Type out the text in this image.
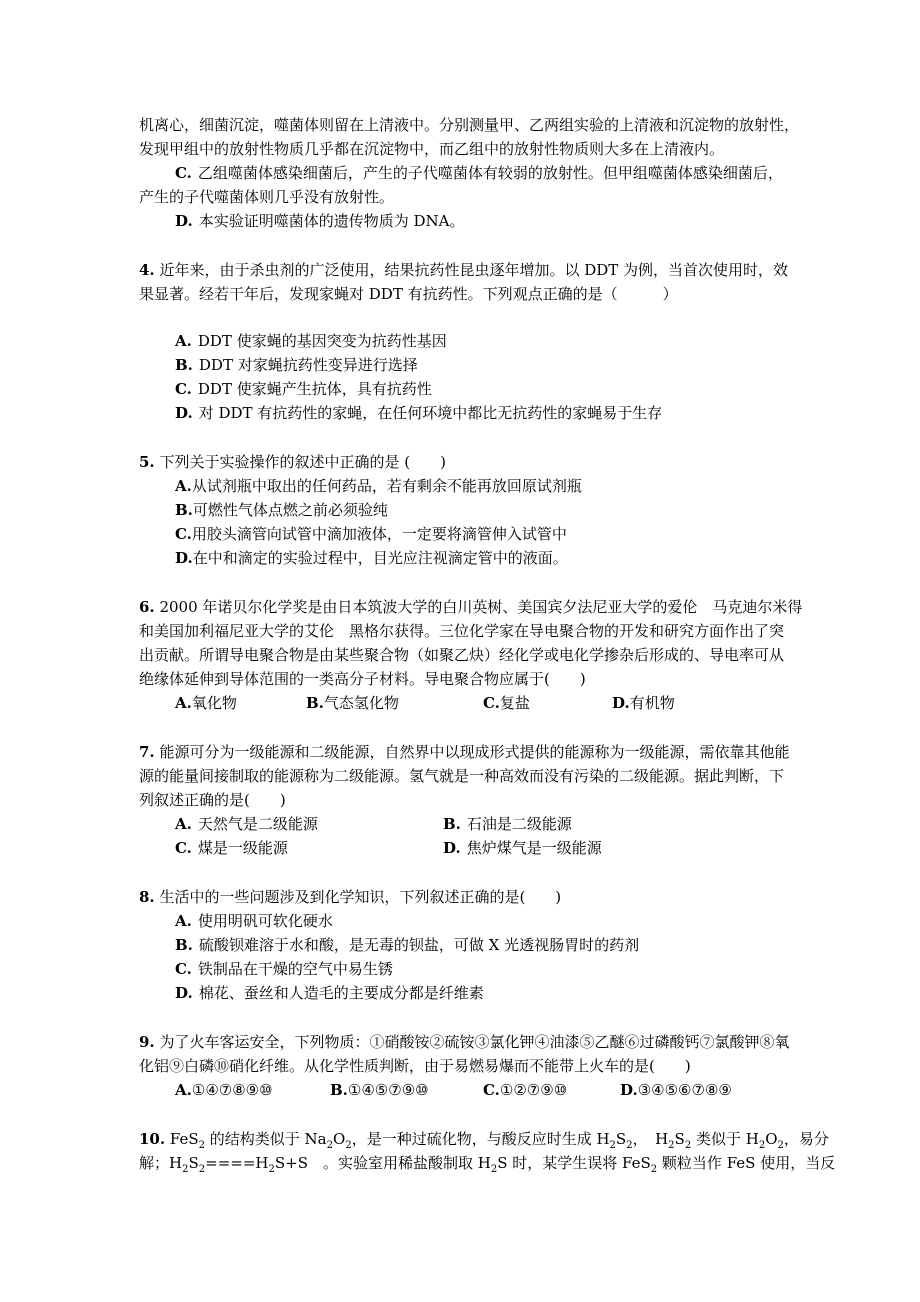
机离心，细菌沉淀，噬菌体则留在上清液中。分别测量甲、乙两组实验的上清液和沉淀物的放射性，
发现甲组中的放射性物质几乎都在沉淀物中，而乙组中的放射性物质则大多在上清液内。
C. 乙组噬菌体感染细菌后，产生的子代噬菌体有较弱的放射性。但甲组噬菌体感染细菌后，
产生的子代噬菌体则几乎没有放射性。
D. 本实验证明噬菌体的遗传物质为 DNA。
4. 近年来，由于杀虫剂的广泛使用，结果抗药性昆虫逐年增加。以 DDT 为例，当首次使用时，效
果显著。经若干年后，发现家蝇对 DDT 有抗药性。下列观点正确的是（　　　）
A. DDT 使家蝇的基因突变为抗药性基因
B. DDT 对家蝇抗药性变异进行选择
C. DDT 使家蝇产生抗体，具有抗药性
D. 对 DDT 有抗药性的家蝇，在任何环境中都比无抗药性的家蝇易于生存
5. 下列关于实验操作的叙述中正确的是 (　　)
A.从试剂瓶中取出的任何药品，若有剩余不能再放回原试剂瓶
B.可燃性气体点燃之前必须验纯
C.用胶头滴管向试管中滴加液体，一定要将滴管伸入试管中
D.在中和滴定的实验过程中，目光应注视滴定管中的液面。
6. 2000 年诺贝尔化学奖是由日本筑波大学的白川英树、美国宾夕法尼亚大学的爱伦　马克迪尔米得
和美国加利福尼亚大学的艾伦　黑格尔获得。三位化学家在导电聚合物的开发和研究方面作出了突
出贡献。所谓导电聚合物是由某些聚合物（如聚乙炔）经化学或电化学掺杂后形成的、导电率可从
绝缘体延伸到导体范围的一类高分子材料。导电聚合物应属于(　　)
A.氧化物	B.气态氢化物	C.复盐	D.有机物
7. 能源可分为一级能源和二级能源，自然界中以现成形式提供的能源称为一级能源，需依靠其他能
源的能量间接制取的能源称为二级能源。氢气就是一种高效而没有污染的二级能源。据此判断，下
列叙述正确的是(　　)
A. 天然气是二级能源	B. 石油是二级能源
C. 煤是一级能源	D. 焦炉煤气是一级能源
8. 生活中的一些问题涉及到化学知识，下列叙述正确的是(　　)
A. 使用明矾可软化硬水
B. 硫酸钡难溶于水和酸，是无毒的钡盐，可做 X 光透视肠胃时的药剂
C. 铁制品在干燥的空气中易生锈
D. 棉花、蚕丝和人造毛的主要成分都是纤维素
9. 为了火车客运安全，下列物质：①硝酸铵②硫铵③氯化钾④油漆⑤乙醚⑥过磷酸钙⑦氯酸钾⑧氧
化铝⑨白磷⑩硝化纤维。从化学性质判断，由于易燃易爆而不能带上火车的是(　　)
A.①④⑦⑧⑨⑩	B.①④⑤⑦⑨⑩	C.①②⑦⑨⑩	D.③④⑤⑥⑦⑧⑨
10. FeS$_2$ 的结构类似于 $Na_2O_2$，是一种过硫化物，与酸反应时生成 $H_2S_2$，　$H_2S_2$ 类似于 $H_2O_2$，易分
解；$H_2S_2====H_2S+S$　。实验室用稀盐酸制取 $H_2S$ 时，某学生误将 FeS$_2$ 颗粒当作 FeS 使用，当反
